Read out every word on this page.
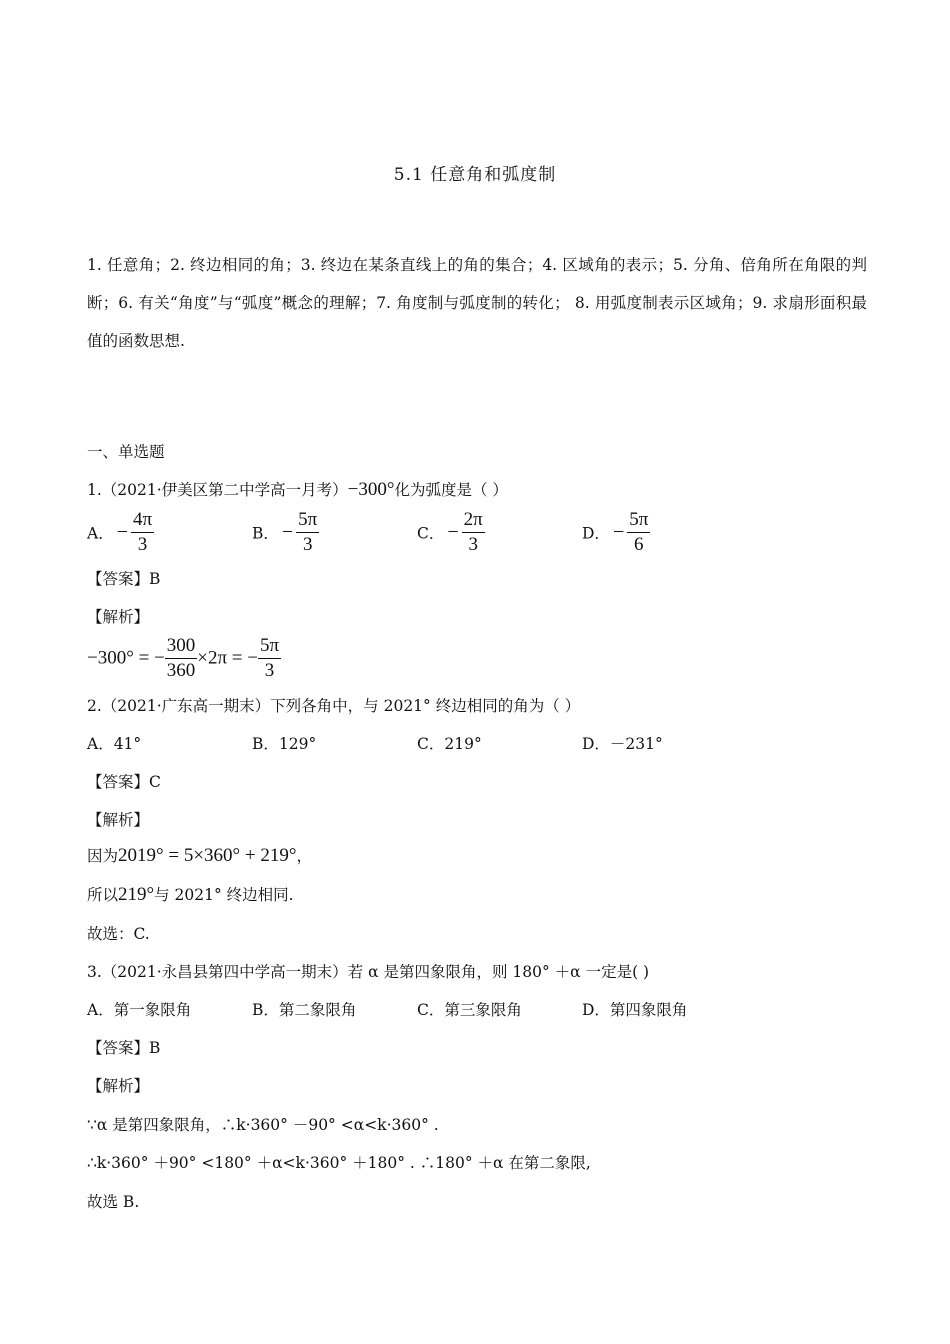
5.1 任意角和弧度制
1. 任意角；2. 终边相同的角；3. 终边在某条直线上的角的集合；4. 区域角的表示；5. 分角、倍角所在角限的判断；6. 有关“角度”与“弧度”概念的理解；7. 角度制与弧度制的转化； 8. 用弧度制表示区域角；9. 求扇形面积最值的函数思想.
一、单选题
1.（2021·伊美区第二中学高一月考）−300°化为弧度是（ ）
A． − $\frac{4\pi}{3}$	B． − $\frac{5\pi}{3}$	C． − $\frac{2\pi}{3}$	D． − $\frac{5\pi}{6}$
【答案】B
【解析】
−300° = − $\frac{300}{360} \times 2\pi$ = − $\frac{5\pi}{3}$
2.（2021·广东高一期末）下列各角中，与 2021° 终边相同的角为（ ）
A．41°	B．129°	C．219°	D．－231°
【答案】C
【解析】
因为2019° = 5×360° + 219°，
所以219°与 2021° 终边相同.
故选：C.
3.（2021·永昌县第四中学高一期末）若 α 是第四象限角，则 180° ＋α 一定是( )
A．第一象限角	B．第二象限角	C．第三象限角	D．第四象限角
【答案】B
【解析】
∵α 是第四象限角，∴k·360° －90° <α<k·360° .
∴k·360° ＋90° <180° ＋α<k·360° ＋180° . ∴180° ＋α 在第二象限,
故选 B.
